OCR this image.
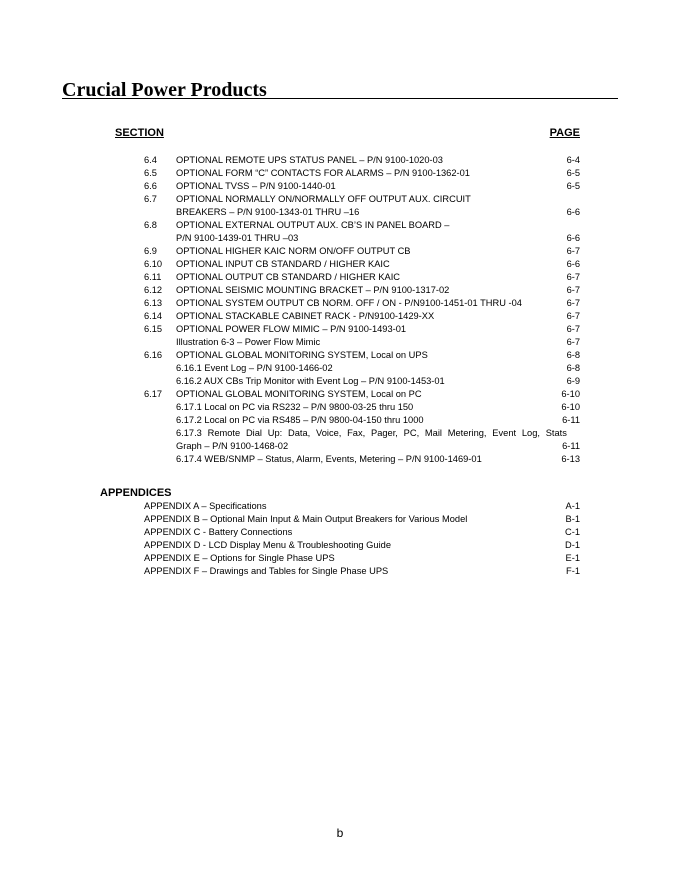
Crucial Power Products
SECTION	PAGE
6.4 OPTIONAL REMOTE UPS STATUS PANEL – P/N 9100-1020-03	6-4
6.5 OPTIONAL FORM “C” CONTACTS FOR ALARMS – P/N 9100-1362-01	6-5
6.6 OPTIONAL TVSS – P/N 9100-1440-01	6-5
6.7 OPTIONAL NORMALLY ON/NORMALLY OFF OUTPUT AUX. CIRCUIT
BREAKERS – P/N 9100-1343-01 THRU –16	6-6
6.8 OPTIONAL EXTERNAL OUTPUT AUX. CB’S IN PANEL BOARD –
P/N 9100-1439-01 THRU –03	6-6
6.9 OPTIONAL HIGHER KAIC NORM ON/OFF OUTPUT CB	6-7
6.10 OPTIONAL INPUT CB STANDARD / HIGHER KAIC	6-6
6.11 OPTIONAL OUTPUT CB STANDARD / HIGHER KAIC	6-7
6.12 OPTIONAL SEISMIC MOUNTING BRACKET – P/N 9100-1317-02	6-7
6.13 OPTIONAL SYSTEM OUTPUT CB NORM. OFF / ON - P/N9100-1451-01 THRU -04	6-7
6.14 OPTIONAL STACKABLE CABINET RACK - P/N9100-1429-XX	6-7
6.15 OPTIONAL POWER FLOW MIMIC – P/N 9100-1493-01	6-7
Illustration 6-3 – Power Flow Mimic	6-7
6.16 OPTIONAL GLOBAL MONITORING SYSTEM, Local on UPS	6-8
6.16.1 Event Log – P/N 9100-1466-02	6-8
6.16.2 AUX CBs Trip Monitor with Event Log – P/N 9100-1453-01	6-9
6.17 OPTIONAL GLOBAL MONITORING SYSTEM, Local on PC	6-10
6.17.1 Local on PC via RS232 – P/N 9800-03-25 thru 150	6-10
6.17.2 Local on PC via RS485 – P/N 9800-04-150 thru 1000	6-11
6.17.3 Remote Dial Up: Data, Voice, Fax, Pager, PC, Mail Metering, Event Log, Stats
Graph – P/N 9100-1468-02	6-11
6.17.4 WEB/SNMP – Status, Alarm, Events, Metering – P/N 9100-1469-01	6-13
APPENDICES
APPENDIX A – Specifications	A-1
APPENDIX B – Optional Main Input & Main Output Breakers for Various Model	B-1
APPENDIX C - Battery Connections	C-1
APPENDIX D - LCD Display Menu & Troubleshooting Guide	D-1
APPENDIX E – Options for Single Phase UPS	E-1
APPENDIX F – Drawings and Tables for Single Phase UPS	F-1
b
